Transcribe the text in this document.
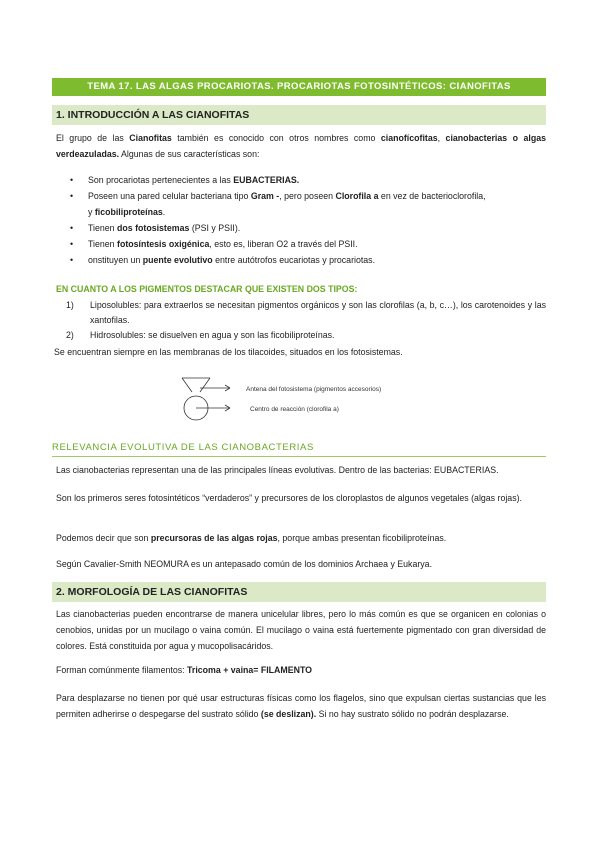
TEMA 17. LAS ALGAS PROCARIOTAS. PROCARIOTAS FOTOSINTÉTICOS: CIANOFITAS
1. INTRODUCCIÓN A LAS CIANOFITAS
El grupo de las Cianofitas también es conocido con otros nombres como cianofícofitas, cianobacterias o algas verdeazuladas. Algunas de sus características son:
• Son procariotas pertenecientes a las EUBACTERIAS.
• Poseen una pared celular bacteriana tipo Gram -, pero poseen Clorofila a en vez de bacterioclorofila,
y ficobiliproteínas.
• Tienen dos fotosistemas (PSI y PSII).
• Tienen fotosíntesis oxigénica, esto es, liberan O2 a través del PSII.
• onstituyen un puente evolutivo entre autótrofos eucariotas y procariotas.
EN CUANTO A LOS PIGMENTOS DESTACAR QUE EXISTEN DOS TIPOS:
1) Liposolubles: para extraerlos se necesitan pigmentos orgánicos y son las clorofilas (a, b, c…), los carotenoides y las xantofilas.
2) Hidrosolubles: se disuelven en agua y son las ficobiliproteínas.
Se encuentran siempre en las membranas de los tilacoides, situados en los fotosistemas.
Antena del fotosistema (pigmentos accesorios)
Centro de reacción (clorofila a)
RELEVANCIA EVOLUTIVA DE LAS CIANOBACTERIAS
Las cianobacterias representan una de las principales líneas evolutivas. Dentro de las bacterias: EUBACTERIAS.
Son los primeros seres fotosintéticos “verdaderos” y precursores de los cloroplastos de algunos vegetales (algas rojas).
Podemos decir que son precursoras de las algas rojas, porque ambas presentan ficobiliproteínas.
Según Cavalier-Smith NEOMURA es un antepasado común de los dominios Archaea y Eukarya.
2. MORFOLOGÍA DE LAS CIANOFITAS
Las cianobacterias pueden encontrarse de manera unicelular libres, pero lo más común es que se organicen en colonias o cenobios, unidas por un mucilago o vaina común. El mucilago o vaina está fuertemente pigmentado con gran diversidad de colores. Está constituida por agua y mucopolisacáridos.
Forman comúnmente filamentos: Tricoma + vaina= FILAMENTO
Para desplazarse no tienen por qué usar estructuras físicas como los flagelos, sino que expulsan ciertas sustancias que les permiten adherirse o despegarse del sustrato sólido (se deslizan). Si no hay sustrato sólido no podrán desplazarse.
